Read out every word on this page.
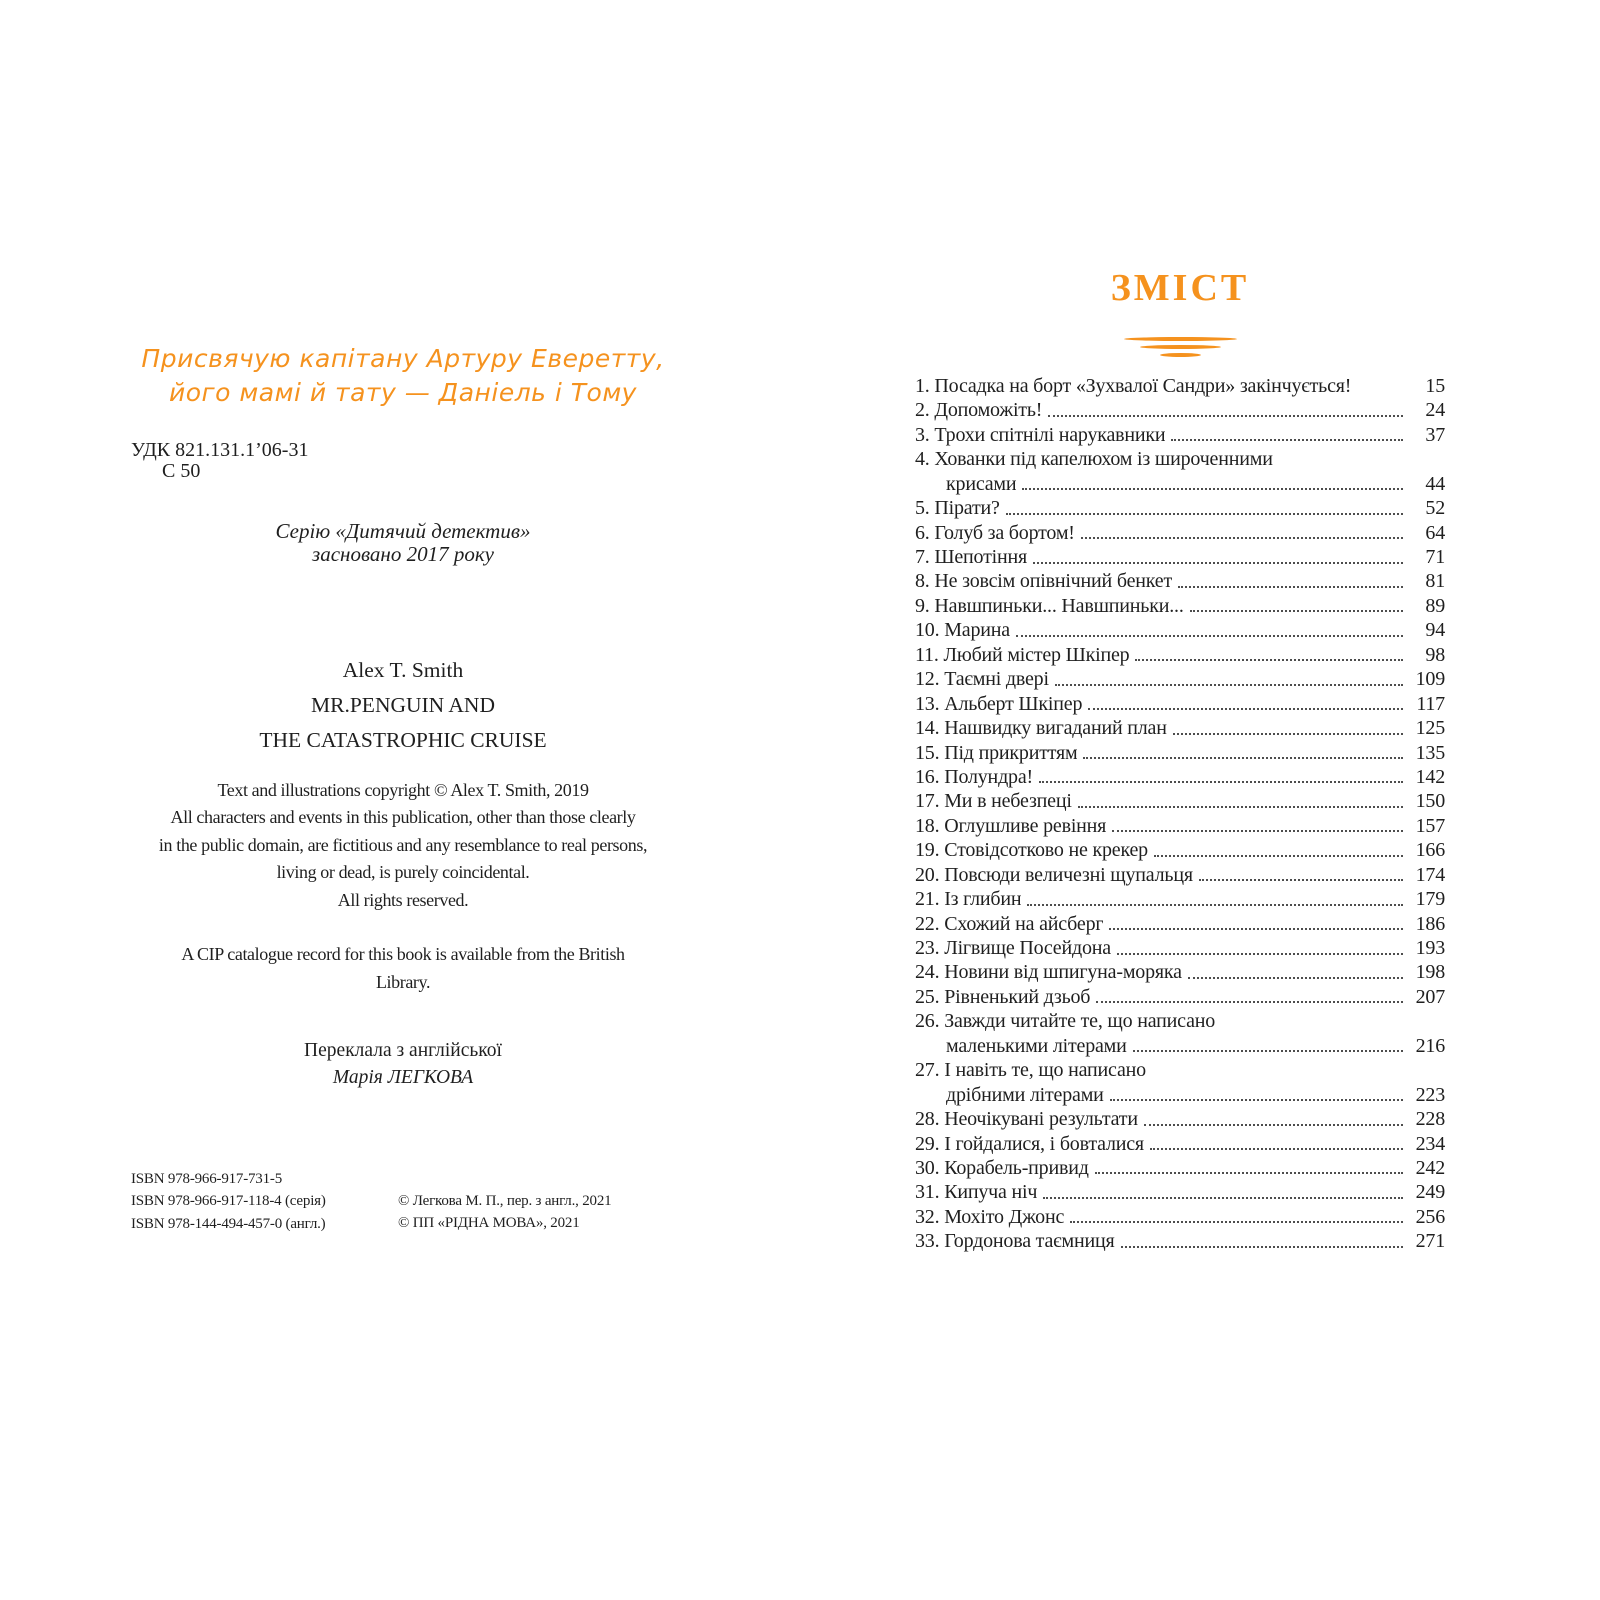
Присвячую капітану Артуру Еверетту,
його мамі й тату — Даніель і Тому
УДК 821.131.1’06-31
С 50
Серію «Дитячий детектив»
засновано 2017 року
Alex T. Smith
MR.PENGUIN AND
THE CATASTROPHIC CRUISE
Text and illustrations copyright © Alex T. Smith, 2019
All characters and events in this publication, other than those clearly
in the public domain, are fictitious and any resemblance to real persons,
living or dead, is purely coincidental.
All rights reserved.
A CIP catalogue record for this book is available from the British
Library.
Переклала з англійської
Марія ЛЕГКОВА
ISBN 978-966-917-731-5
ISBN 978-966-917-118-4 (серія)
ISBN 978-144-494-457-0 (англ.)
© Легкова М. П., пер. з англ., 2021
© ПП «РІДНА МОВА», 2021
ЗМІСТ
1. Посадка на борт «Зухвалої Сандри» закінчується!	15
2. Допоможіть!	24
3. Трохи спітнілі нарукавники	37
4. Хованки під капелюхом із широченними
крисами	44
5. Пірати?	52
6. Голуб за бортом!	64
7. Шепотіння	71
8. Не зовсім опівнічний бенкет	81
9. Навшпиньки... Навшпиньки...	89
10. Марина	94
11. Любий містер Шкіпер	98
12. Таємні двері	109
13. Альберт Шкіпер	117
14. Нашвидку вигаданий план	125
15. Під прикриттям	135
16. Полундра!	142
17. Ми в небезпеці	150
18. Оглушливе ревіння	157
19. Стовідсотково не крекер	166
20. Повсюди величезні щупальця	174
21. Із глибин	179
22. Схожий на айсберг	186
23. Лігвище Посейдона	193
24. Новини від шпигуна-моряка	198
25. Рівненький дзьоб	207
26. Завжди читайте те, що написано
маленькими літерами	216
27. І навіть те, що написано
дрібними літерами	223
28. Неочікувані результати	228
29. І гойдалися, і бовталися	234
30. Корабель-привид	242
31. Кипуча ніч	249
32. Мохіто Джонс	256
33. Гордонова таємниця	271
